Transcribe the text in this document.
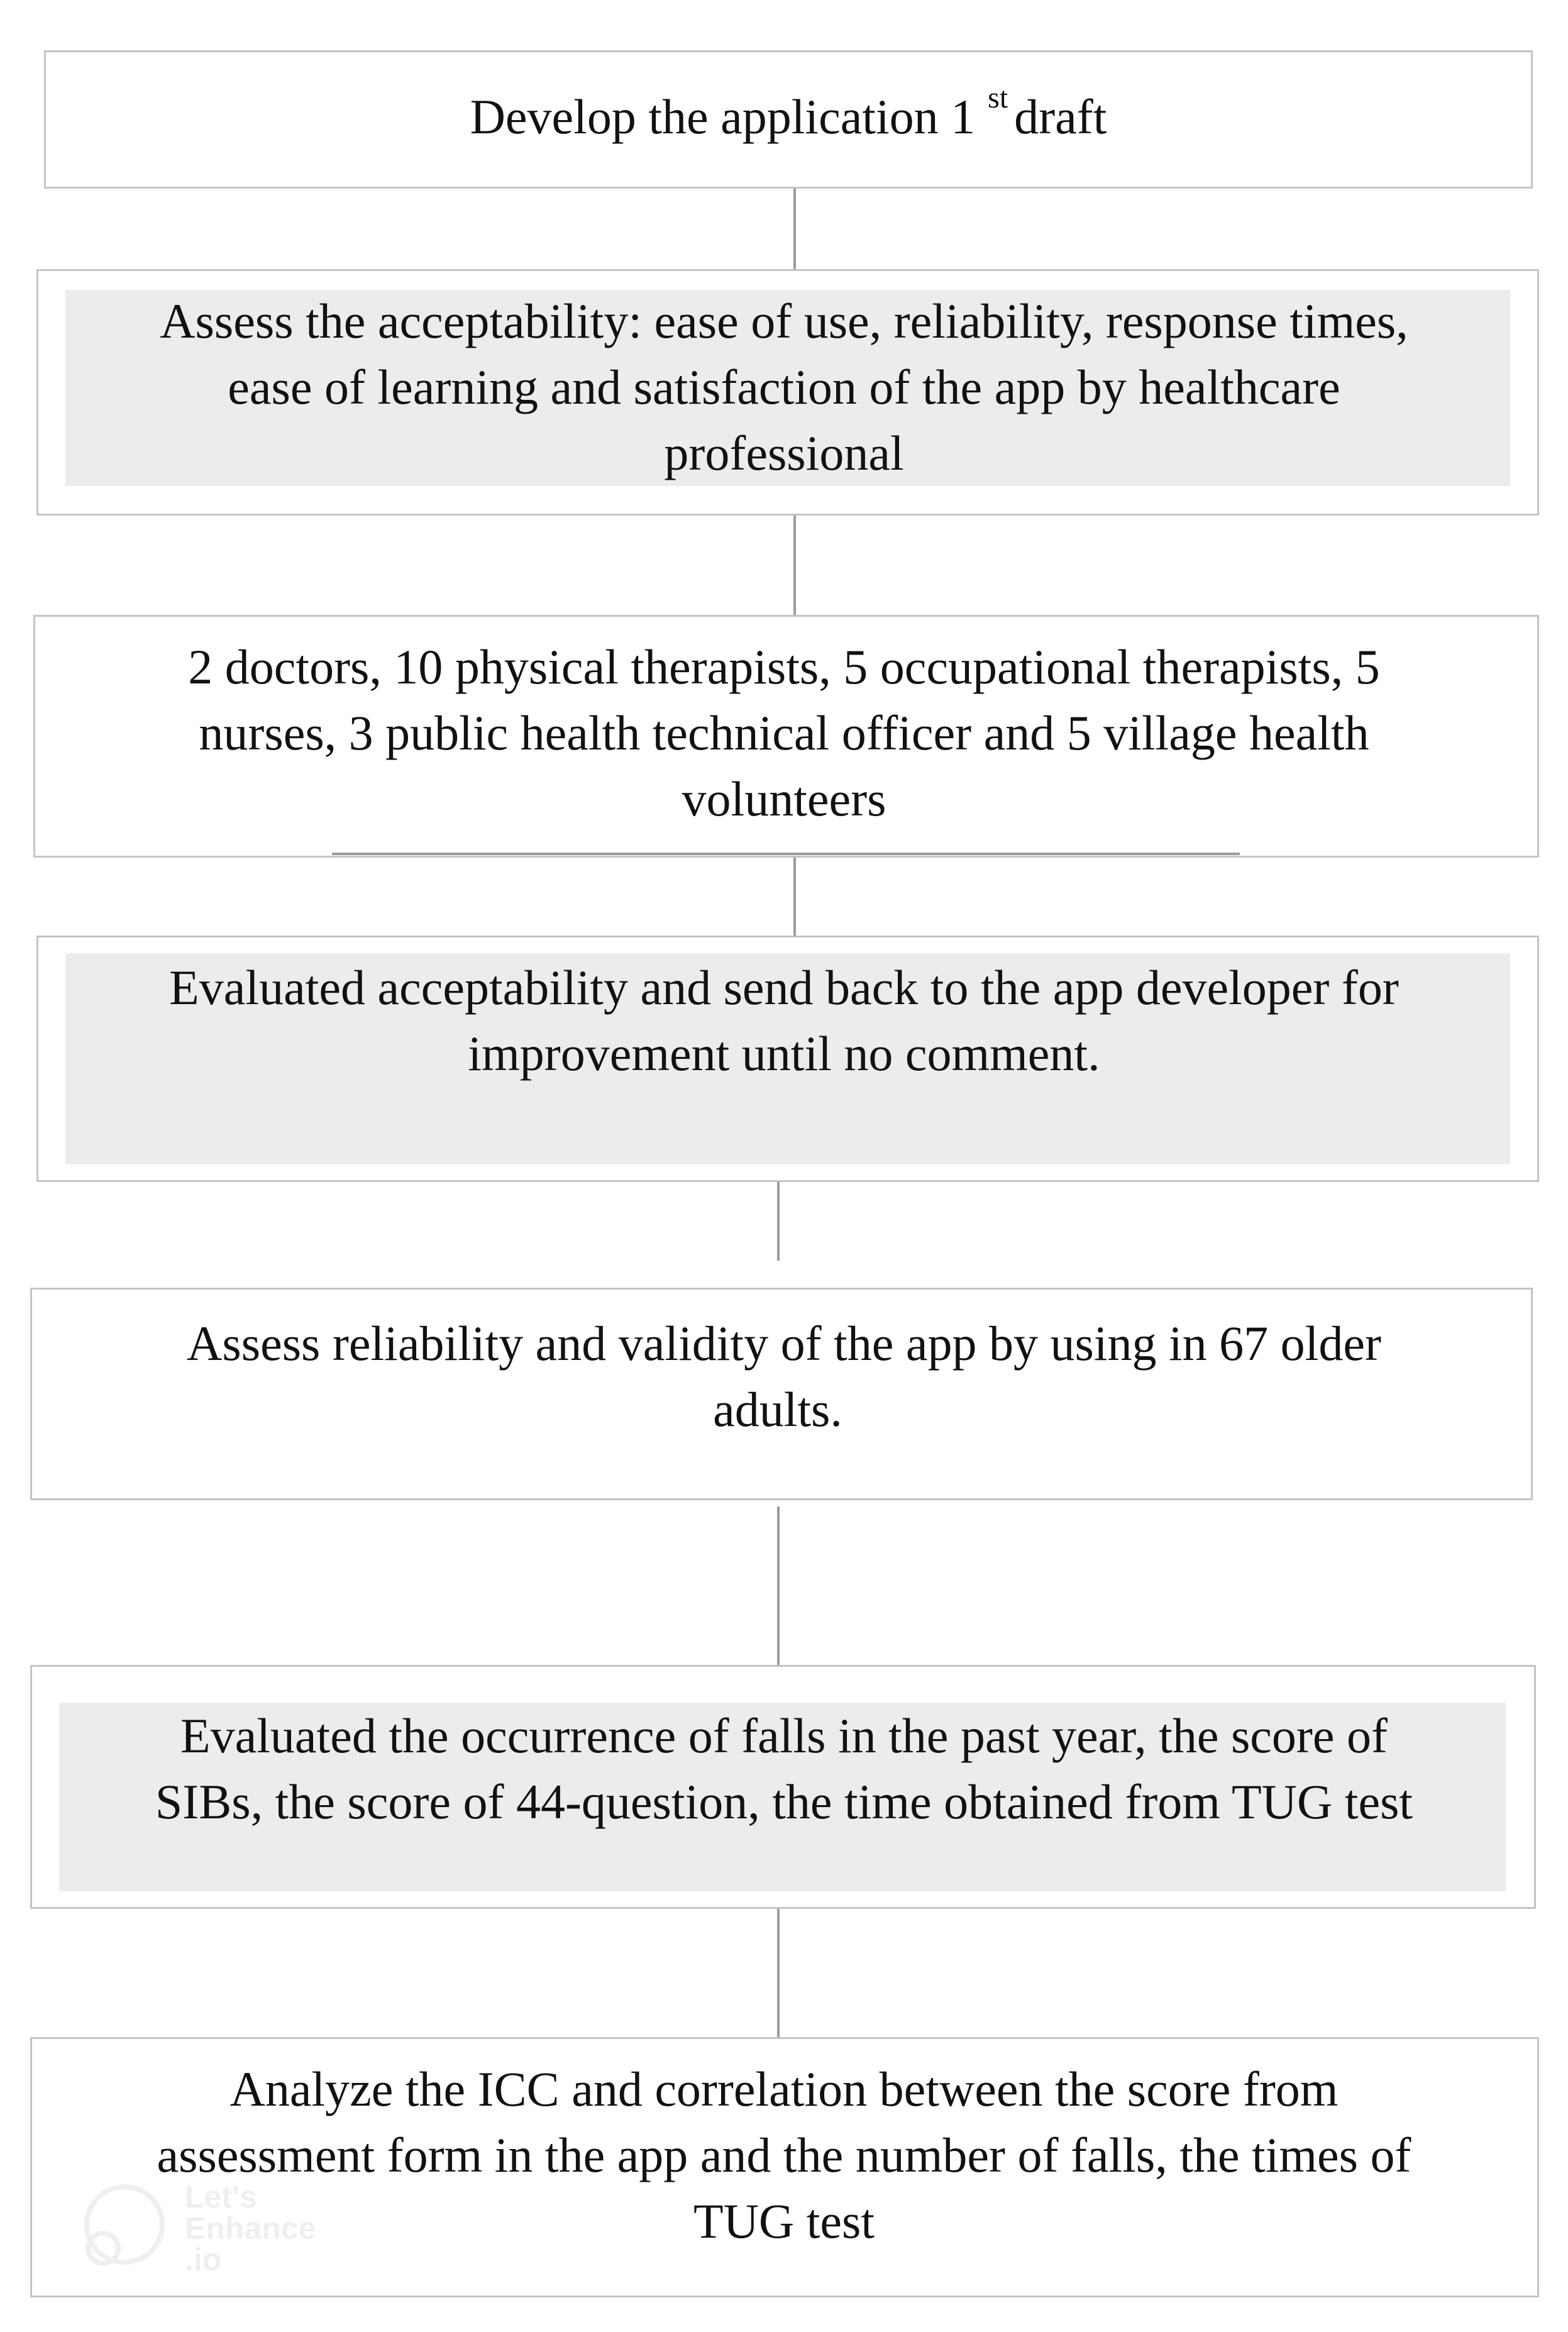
Develop the application 1 $^{st}$ draft
Assess the acceptability: ease of use, reliability, response times,
ease of learning and satisfaction of the app by healthcare
professional
2 doctors, 10 physical therapists, 5 occupational therapists, 5
nurses, 3 public health technical officer and 5 village health
volunteers
Evaluated acceptability and send back to the app developer for
improvement until no comment.
Assess reliability and validity of the app by using in 67 older
adults.
Evaluated the occurrence of falls in the past year, the score of
SIBs, the score of 44-question, the time obtained from TUG test
Analyze the ICC and correlation between the score from
assessment form in the app and the number of falls, the times of
TUG test
Let's
Enhance
.io
